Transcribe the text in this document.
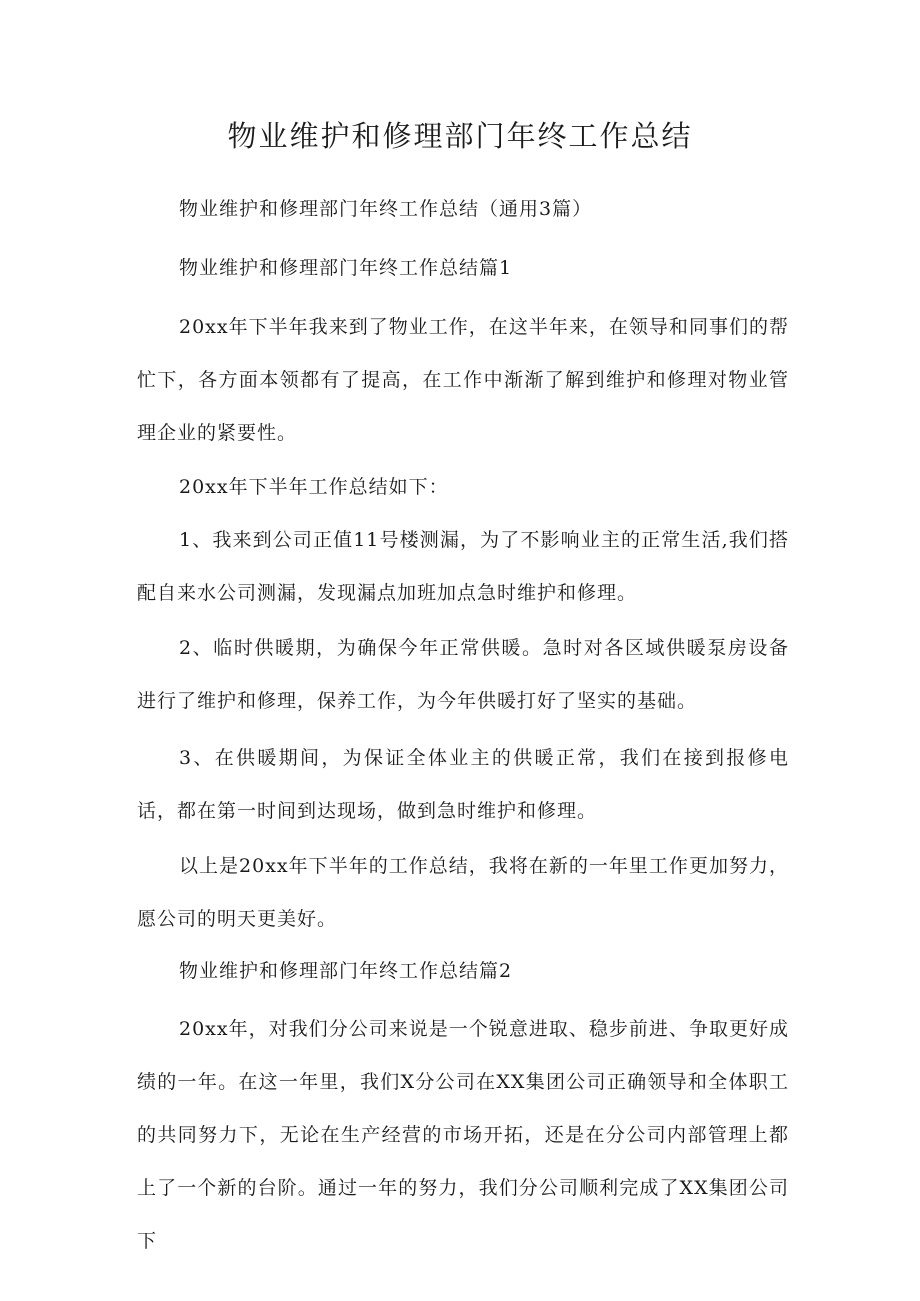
物业维护和修理部门年终工作总结

物业维护和修理部门年终工作总结（通用3篇）

物业维护和修理部门年终工作总结篇1

20xx年下半年我来到了物业工作，在这半年来，在领导和同事们的帮忙下，各方面本领都有了提高，在工作中渐渐了解到维护和修理对物业管理企业的紧要性。

20xx年下半年工作总结如下：

1、我来到公司正值11号楼测漏，为了不影响业主的正常生活,我们搭配自来水公司测漏，发现漏点加班加点急时维护和修理。

2、临时供暖期，为确保今年正常供暖。急时对各区域供暖泵房设备进行了维护和修理，保养工作，为今年供暖打好了坚实的基础。

3、在供暖期间，为保证全体业主的供暖正常，我们在接到报修电话，都在第一时间到达现场，做到急时维护和修理。

以上是20xx年下半年的工作总结，我将在新的一年里工作更加努力，愿公司的明天更美好。

物业维护和修理部门年终工作总结篇2

20xx年，对我们分公司来说是一个锐意进取、稳步前进、争取更好成绩的一年。在这一年里，我们X分公司在XX集团公司正确领导和全体职工的共同努力下，无论在生产经营的市场开拓，还是在分公司内部管理上都上了一个新的台阶。通过一年的努力，我们分公司顺利完成了XX集团公司下
